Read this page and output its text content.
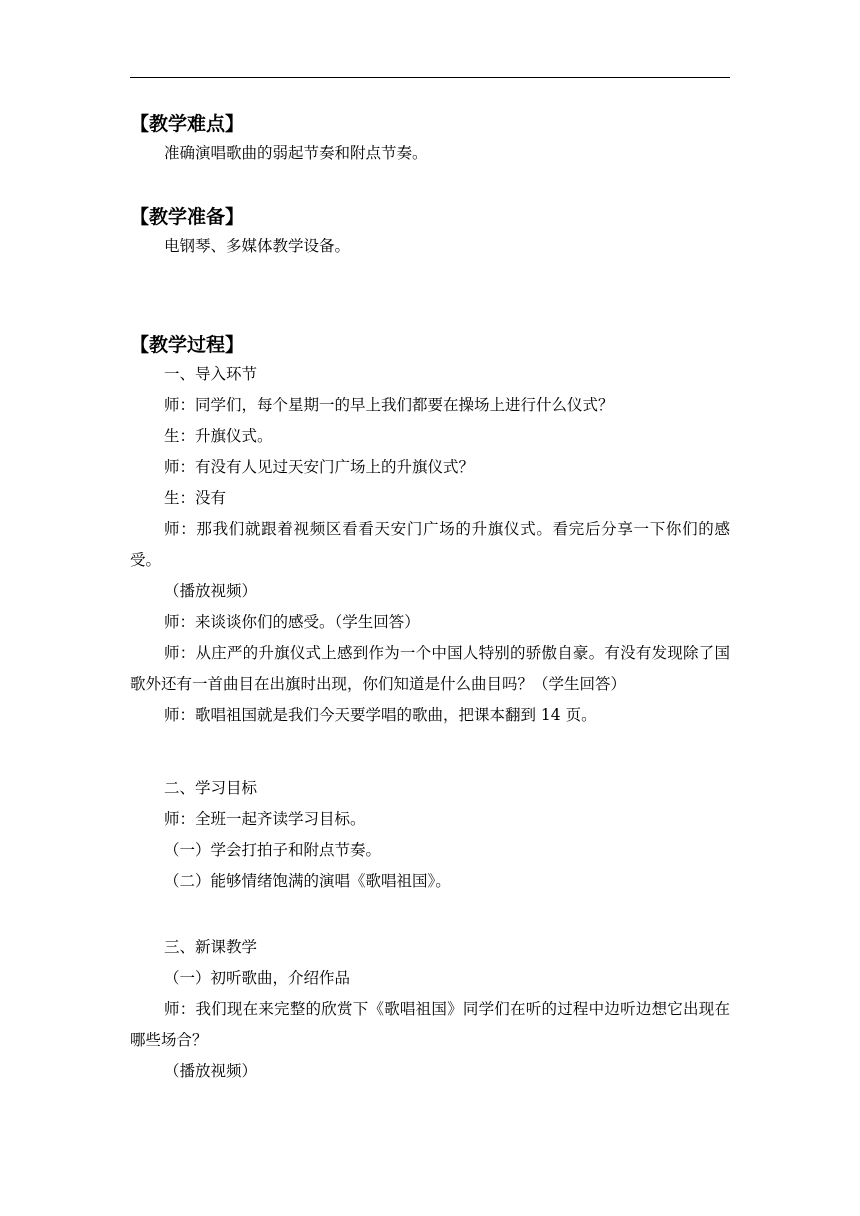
【教学难点】

准确演唱歌曲的弱起节奏和附点节奏。

【教学准备】

电钢琴、多媒体教学设备。

【教学过程】

一、导入环节

师：同学们，每个星期一的早上我们都要在操场上进行什么仪式？

生：升旗仪式。

师：有没有人见过天安门广场上的升旗仪式？

生：没有

师：那我们就跟着视频区看看天安门广场的升旗仪式。看完后分享一下你们的感受。

（播放视频）

师：来谈谈你们的感受。（学生回答）

师：从庄严的升旗仪式上感到作为一个中国人特别的骄傲自豪。有没有发现除了国歌外还有一首曲目在出旗时出现，你们知道是什么曲目吗？（学生回答）

师：歌唱祖国就是我们今天要学唱的歌曲，把课本翻到 14 页。

二、学习目标

师：全班一起齐读学习目标。

（一）学会打拍子和附点节奏。

（二）能够情绪饱满的演唱《歌唱祖国》。

三、新课教学

（一）初听歌曲，介绍作品

师：我们现在来完整的欣赏下《歌唱祖国》同学们在听的过程中边听边想它出现在哪些场合？

（播放视频）
